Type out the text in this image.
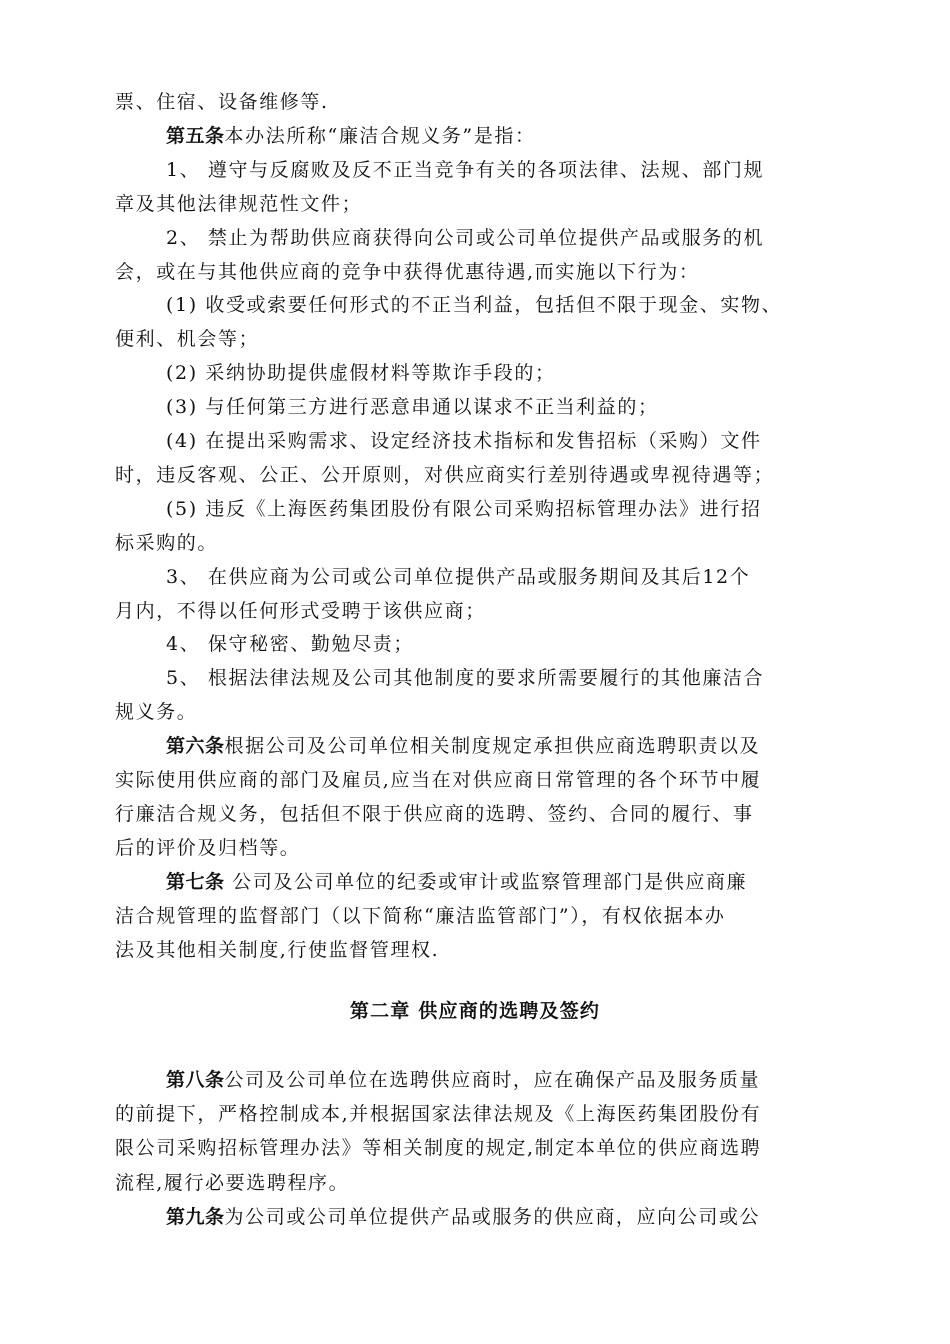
票、住宿、设备维修等.
第五条本办法所称“廉洁合规义务”是指：
1、 遵守与反腐败及反不正当竞争有关的各项法律、法规、部门规
章及其他法律规范性文件；
2、 禁止为帮助供应商获得向公司或公司单位提供产品或服务的机
会，或在与其他供应商的竞争中获得优惠待遇,而实施以下行为：
(1) 收受或索要任何形式的不正当利益，包括但不限于现金、实物、
便利、机会等；
(2) 采纳协助提供虚假材料等欺诈手段的；
(3) 与任何第三方进行恶意串通以谋求不正当利益的；
(4) 在提出采购需求、设定经济技术指标和发售招标（采购）文件
时，违反客观、公正、公开原则，对供应商实行差别待遇或卑视待遇等；
(5) 违反《上海医药集团股份有限公司采购招标管理办法》进行招
标采购的。
3、 在供应商为公司或公司单位提供产品或服务期间及其后12个
月内，不得以任何形式受聘于该供应商；
4、 保守秘密、勤勉尽责；
5、 根据法律法规及公司其他制度的要求所需要履行的其他廉洁合
规义务。
第六条根据公司及公司单位相关制度规定承担供应商选聘职责以及
实际使用供应商的部门及雇员,应当在对供应商日常管理的各个环节中履
行廉洁合规义务，包括但不限于供应商的选聘、签约、合同的履行、事
后的评价及归档等。
第七条 公司及公司单位的纪委或审计或监察管理部门是供应商廉
洁合规管理的监督部门（以下简称“廉洁监管部门”），有权依据本办
法及其他相关制度,行使监督管理权.
第二章 供应商的选聘及签约
第八条公司及公司单位在选聘供应商时，应在确保产品及服务质量
的前提下，严格控制成本,并根据国家法律法规及《上海医药集团股份有
限公司采购招标管理办法》等相关制度的规定,制定本单位的供应商选聘
流程,履行必要选聘程序。
第九条为公司或公司单位提供产品或服务的供应商，应向公司或公
